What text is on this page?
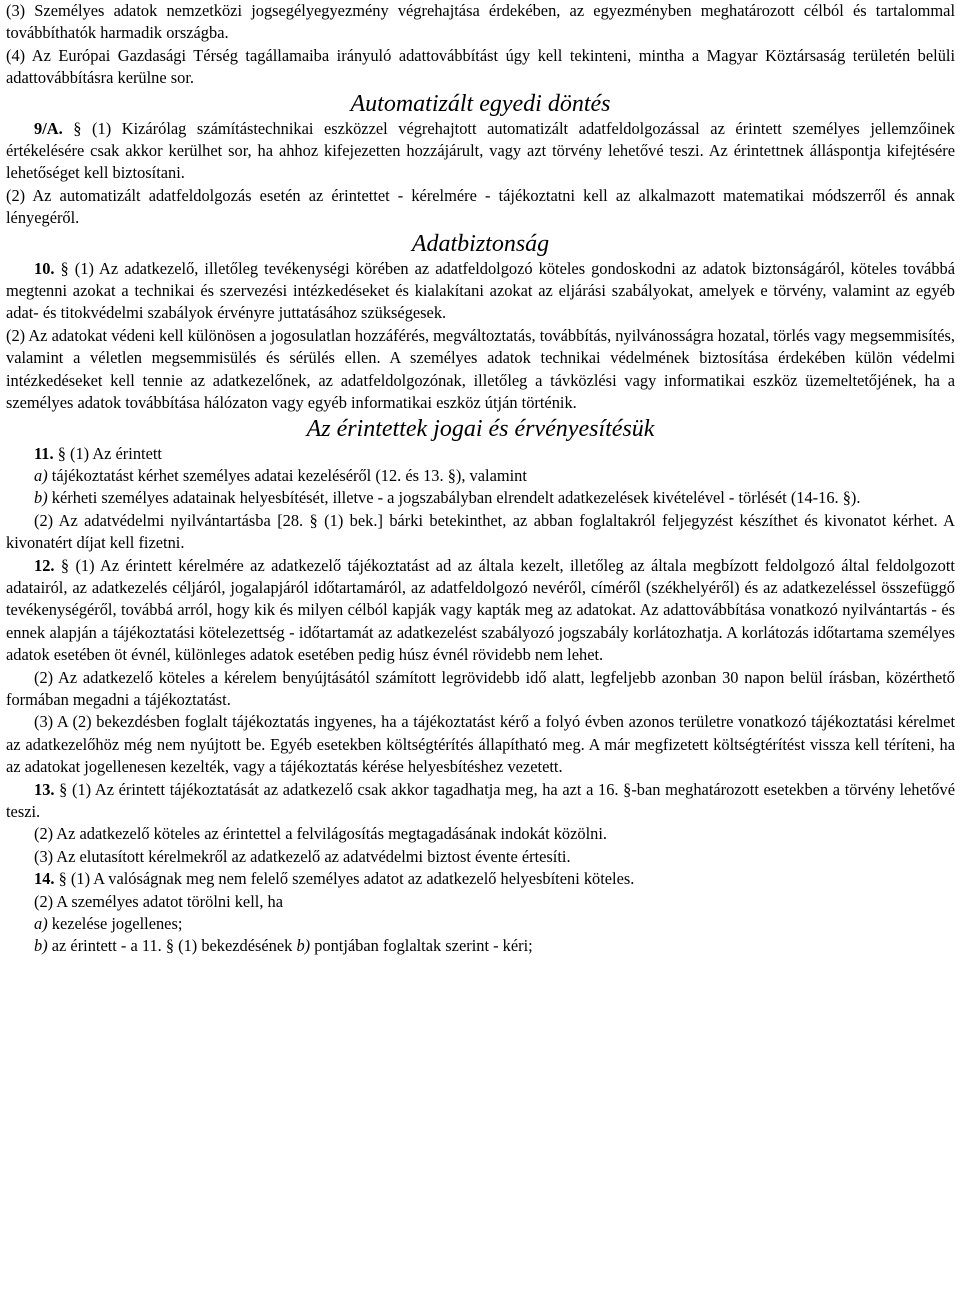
(3) Személyes adatok nemzetközi jogsegélyegyezmény végrehajtása érdekében, az egyezményben meghatározott célból és tartalommal továbbíthatók harmadik országba.

(4) Az Európai Gazdasági Térség tagállamaiba irányuló adattovábbítást úgy kell tekinteni, mintha a Magyar Köztársaság területén belüli adattovábbításra kerülne sor.

Automatizált egyedi döntés

9/A. § (1) Kizárólag számítástechnikai eszközzel végrehajtott automatizált adatfeldolgozással az érintett személyes jellemzőinek értékelésére csak akkor kerülhet sor, ha ahhoz kifejezetten hozzájárult, vagy azt törvény lehetővé teszi. Az érintettnek álláspontja kifejtésére lehetőséget kell biztosítani.

(2) Az automatizált adatfeldolgozás esetén az érintettet - kérelmére - tájékoztatni kell az alkalmazott matematikai módszerről és annak lényegéről.

Adatbiztonság

10. § (1) Az adatkezelő, illetőleg tevékenységi körében az adatfeldolgozó köteles gondoskodni az adatok biztonságáról, köteles továbbá megtenni azokat a technikai és szervezési intézkedéseket és kialakítani azokat az eljárási szabályokat, amelyek e törvény, valamint az egyéb adat- és titokvédelmi szabályok érvényre juttatásához szükségesek.

(2) Az adatokat védeni kell különösen a jogosulatlan hozzáférés, megváltoztatás, továbbítás, nyilvánosságra hozatal, törlés vagy megsemmisítés, valamint a véletlen megsemmisülés és sérülés ellen. A személyes adatok technikai védelmének biztosítása érdekében külön védelmi intézkedéseket kell tennie az adatkezelőnek, az adatfeldolgozónak, illetőleg a távközlési vagy informatikai eszköz üzemeltetőjének, ha a személyes adatok továbbítása hálózaton vagy egyéb informatikai eszköz útján történik.

Az érintettek jogai és érvényesítésük

11. § (1) Az érintett

a) tájékoztatást kérhet személyes adatai kezeléséről (12. és 13. §), valamint

b) kérheti személyes adatainak helyesbítését, illetve - a jogszabályban elrendelt adatkezelések kivételével - törlését (14-16. §).

(2) Az adatvédelmi nyilvántartásba [28. § (1) bek.] bárki betekinthet, az abban foglaltakról feljegyzést készíthet és kivonatot kérhet. A kivonatért díjat kell fizetni.

12. § (1) Az érintett kérelmére az adatkezelő tájékoztatást ad az általa kezelt, illetőleg az általa megbízott feldolgozó által feldolgozott adatairól, az adatkezelés céljáról, jogalapjáról időtartamáról, az adatfeldolgozó nevéről, címéről (székhelyéről) és az adatkezeléssel összefüggő tevékenységéről, továbbá arról, hogy kik és milyen célból kapják vagy kapták meg az adatokat. Az adattovábbítása vonatkozó nyilvántartás - és ennek alapján a tájékoztatási kötelezettség - időtartamát az adatkezelést szabályozó jogszabály korlátozhatja. A korlátozás időtartama személyes adatok esetében öt évnél, különleges adatok esetében pedig húsz évnél rövidebb nem lehet.

(2) Az adatkezelő köteles a kérelem benyújtásától számított legrövidebb idő alatt, legfeljebb azonban 30 napon belül írásban, közérthető formában megadni a tájékoztatást.

(3) A (2) bekezdésben foglalt tájékoztatás ingyenes, ha a tájékoztatást kérő a folyó évben azonos területre vonatkozó tájékoztatási kérelmet az adatkezelőhöz még nem nyújtott be. Egyéb esetekben költségtérítés állapítható meg. A már megfizetett költségtérítést vissza kell téríteni, ha az adatokat jogellenesen kezelték, vagy a tájékoztatás kérése helyesbítéshez vezetett.

13. § (1) Az érintett tájékoztatását az adatkezelő csak akkor tagadhatja meg, ha azt a 16. §-ban meghatározott esetekben a törvény lehetővé teszi.

(2) Az adatkezelő köteles az érintettel a felvilágosítás megtagadásának indokát közölni.

(3) Az elutasított kérelmekről az adatkezelő az adatvédelmi biztost évente értesíti.

14. § (1) A valóságnak meg nem felelő személyes adatot az adatkezelő helyesbíteni köteles.

(2) A személyes adatot törölni kell, ha

a) kezelése jogellenes;

b) az érintett - a 11. § (1) bekezdésének b) pontjában foglaltak szerint - kéri;
